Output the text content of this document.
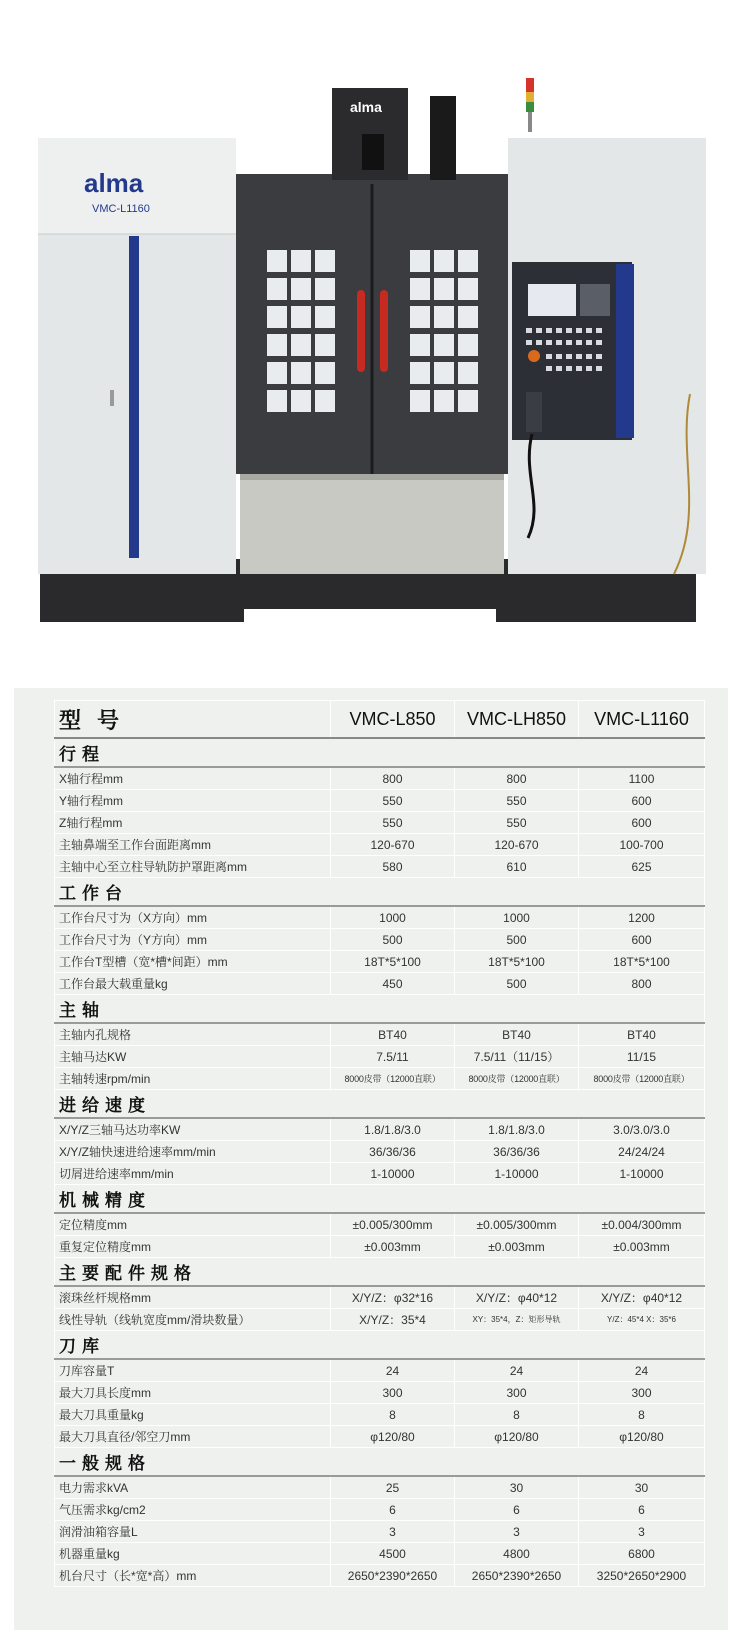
alma
alma
VMC-L1160
型号	VMC-L850	VMC-LH850	VMC-L1160
行程			
X轴行程mm	800	800	1100
Y轴行程mm	550	550	600
Z轴行程mm	550	550	600
主轴鼻端至工作台面距离mm	120-670	120-670	100-700
主轴中心至立柱导轨防护罩距离mm	580	610	625
工作台			
工作台尺寸为（X方向）mm	1000	1000	1200
工作台尺寸为（Y方向）mm	500	500	600
工作台T型槽（宽*槽*间距）mm	18T*5*100	18T*5*100	18T*5*100
工作台最大载重量kg	450	500	800
主轴			
主轴内孔规格	BT40	BT40	BT40
主轴马达KW	7.5/11	7.5/11（11/15）	11/15
主轴转速rpm/min	8000皮带（12000直联）	8000皮带（12000直联）	8000皮带（12000直联）
进给速度			
X/Y/Z三轴马达功率KW	1.8/1.8/3.0	1.8/1.8/3.0	3.0/3.0/3.0
X/Y/Z轴快速进给速率mm/min	36/36/36	36/36/36	24/24/24
切屑进给速率mm/min	1-10000	1-10000	1-10000
机械精度			
定位精度mm	±0.005/300mm	±0.005/300mm	±0.004/300mm
重复定位精度mm	±0.003mm	±0.003mm	±0.003mm
主要配件规格			
滚珠丝杆规格mm	X/Y/Z：φ32*16	X/Y/Z：φ40*12	X/Y/Z：φ40*12
线性导轨（线轨宽度mm/滑块数量）	X/Y/Z：35*4	XY：35*4，Z：矩形导轨	Y/Z：45*4 X：35*6
刀库			
刀库容量T	24	24	24
最大刀具长度mm	300	300	300
最大刀具重量kg	8	8	8
最大刀具直径/邻空刀mm	φ120/80	φ120/80	φ120/80
一般规格			
电力需求kVA	25	30	30
气压需求kg/cm2	6	6	6
润滑油箱容量L	3	3	3
机器重量kg	4500	4800	6800
机台尺寸（长*宽*高）mm	2650*2390*2650	2650*2390*2650	3250*2650*2900
